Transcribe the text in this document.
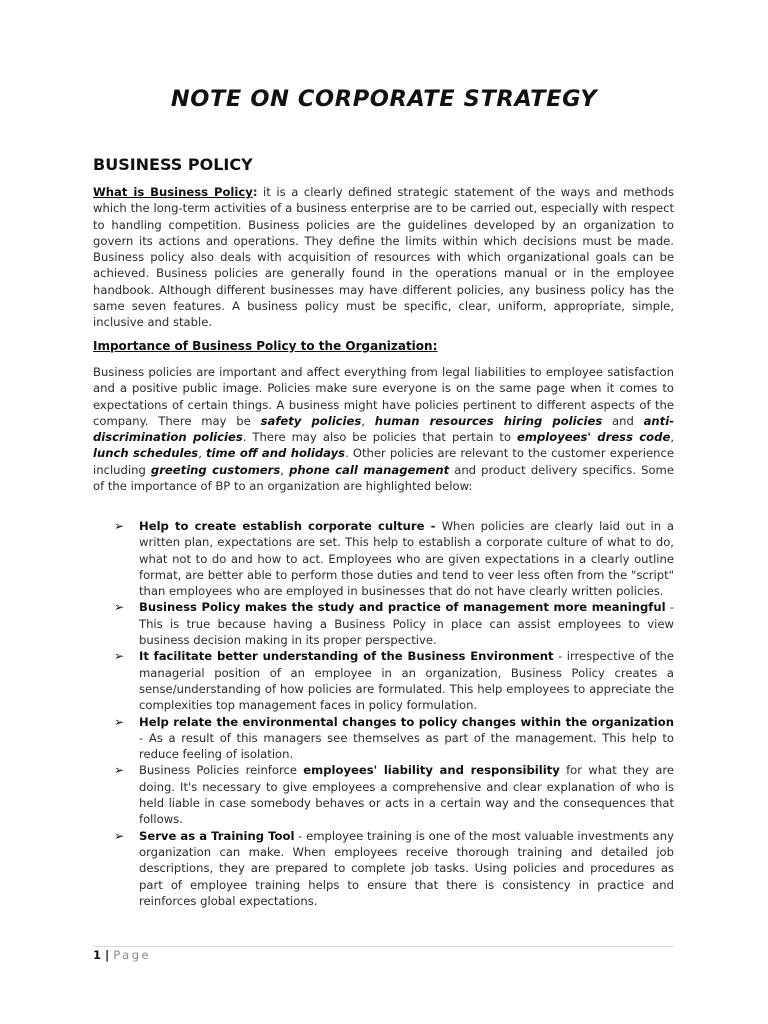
NOTE ON CORPORATE STRATEGY
BUSINESS POLICY
What is Business Policy: it is a clearly defined strategic statement of the ways and methods which the long-term activities of a business enterprise are to be carried out, especially with respect to handling competition. Business policies are the guidelines developed by an organization to govern its actions and operations. They define the limits within which decisions must be made. Business policy also deals with acquisition of resources with which organizational goals can be achieved. Business policies are generally found in the operations manual or in the employee handbook. Although different businesses may have different policies, any business policy has the same seven features. A business policy must be specific, clear, uniform, appropriate, simple, inclusive and stable.
Importance of Business Policy to the Organization:
Business policies are important and affect everything from legal liabilities to employee satisfaction and a positive public image. Policies make sure everyone is on the same page when it comes to expectations of certain things. A business might have policies pertinent to different aspects of the company. There may be safety policies, human resources hiring policies and anti-discrimination policies. There may also be policies that pertain to employees' dress code, lunch schedules, time off and holidays. Other policies are relevant to the customer experience including greeting customers, phone call management and product delivery specifics. Some of the importance of BP to an organization are highlighted below:
➢ Help to create establish corporate culture - When policies are clearly laid out in a written plan, expectations are set. This help to establish a corporate culture of what to do, what not to do and how to act. Employees who are given expectations in a clearly outline format, are better able to perform those duties and tend to veer less often from the "script" than employees who are employed in businesses that do not have clearly written policies.
➢ Business Policy makes the study and practice of management more meaningful - This is true because having a Business Policy in place can assist employees to view business decision making in its proper perspective.
➢ It facilitate better understanding of the Business Environment - irrespective of the managerial position of an employee in an organization, Business Policy creates a sense/understanding of how policies are formulated. This help employees to appreciate the complexities top management faces in policy formulation.
➢ Help relate the environmental changes to policy changes within the organization - As a result of this managers see themselves as part of the management. This help to reduce feeling of isolation.
➢ Business Policies reinforce employees' liability and responsibility for what they are doing. It's necessary to give employees a comprehensive and clear explanation of who is held liable in case somebody behaves or acts in a certain way and the consequences that follows.
➢ Serve as a Training Tool - employee training is one of the most valuable investments any organization can make. When employees receive thorough training and detailed job descriptions, they are prepared to complete job tasks. Using policies and procedures as part of employee training helps to ensure that there is consistency in practice and reinforces global expectations.
1 | Page
